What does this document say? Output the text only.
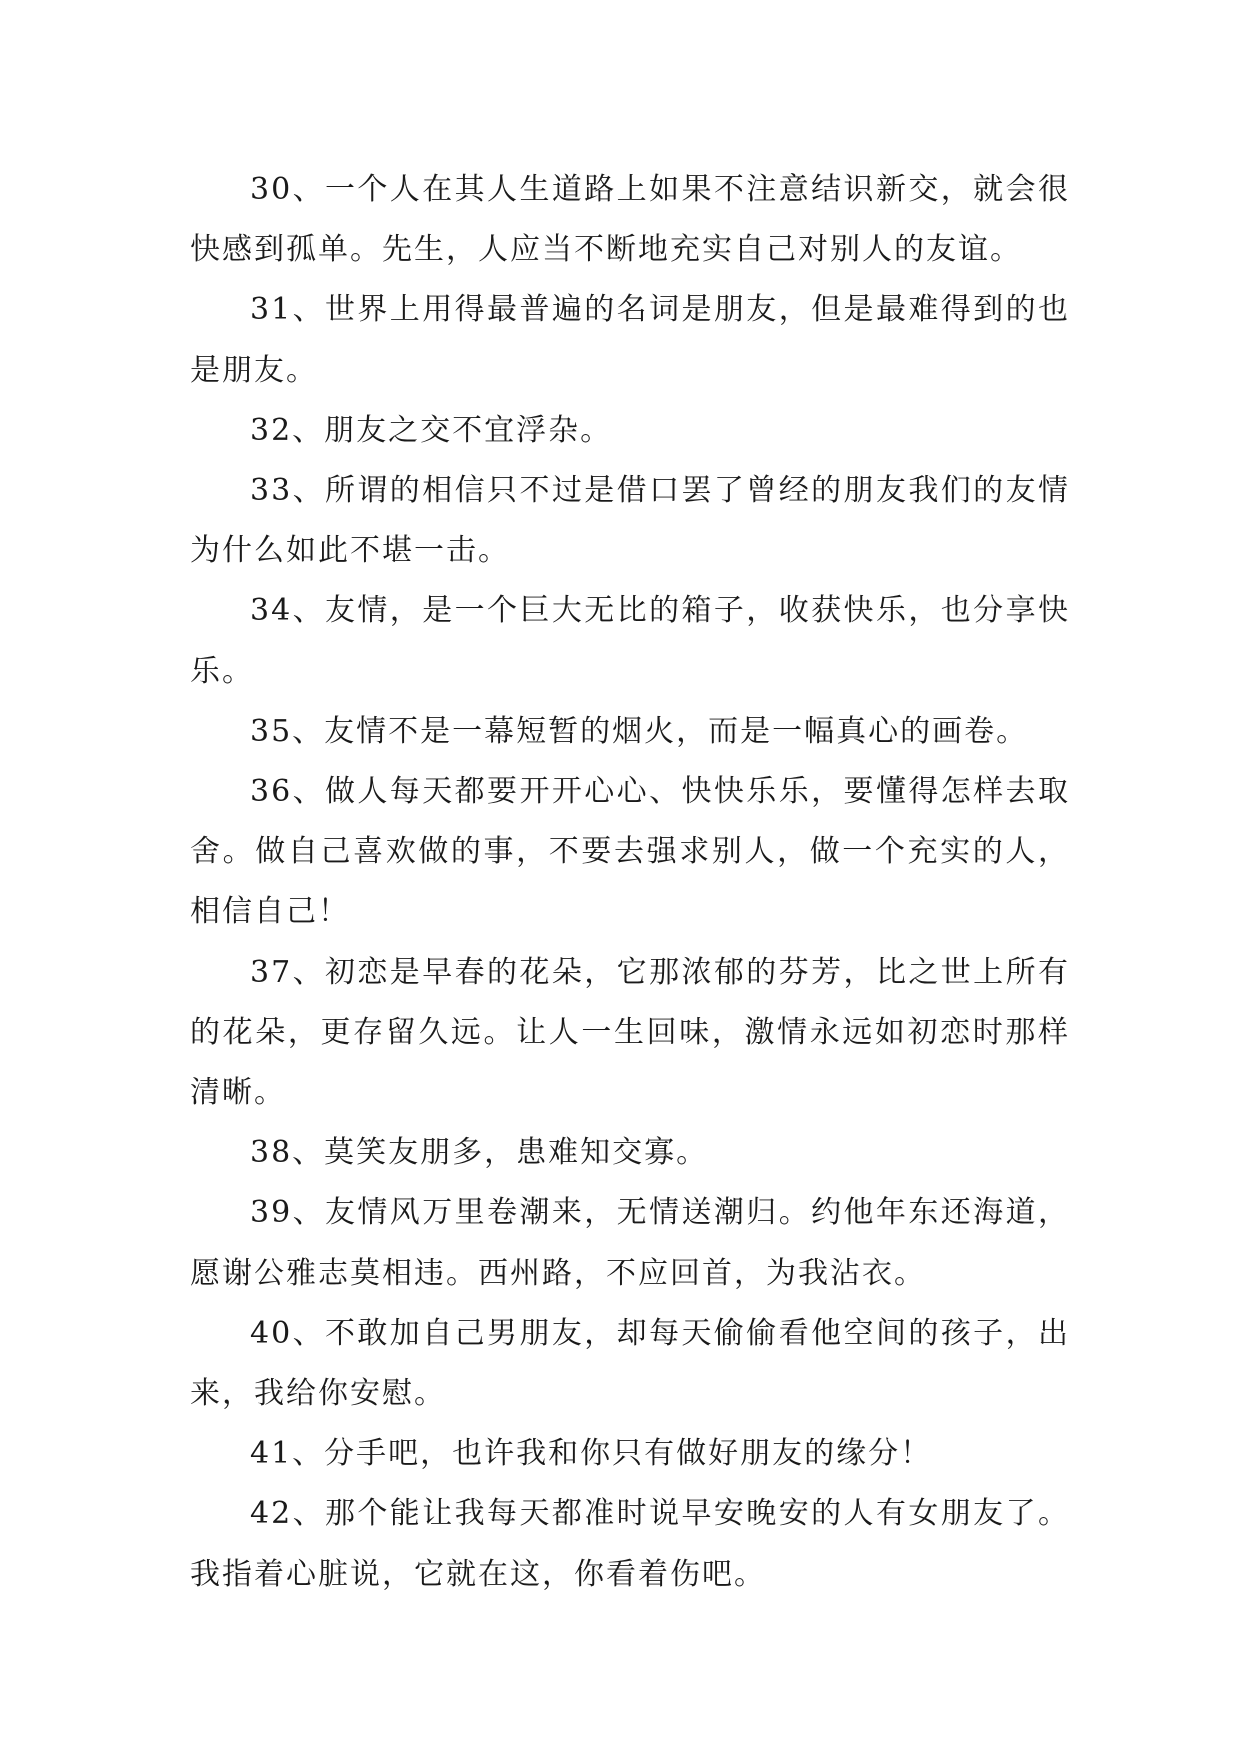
30、一个人在其人生道路上如果不注意结识新交，就会很快感到孤单。先生，人应当不断地充实自己对别人的友谊。

31、世界上用得最普遍的名词是朋友，但是最难得到的也是朋友。

32、朋友之交不宜浮杂。

33、所谓的相信只不过是借口罢了曾经的朋友我们的友情为什么如此不堪一击。

34、友情，是一个巨大无比的箱子，收获快乐，也分享快乐。

35、友情不是一幕短暂的烟火，而是一幅真心的画卷。

36、做人每天都要开开心心、快快乐乐，要懂得怎样去取舍。做自己喜欢做的事，不要去强求别人，做一个充实的人，相信自己！

37、初恋是早春的花朵，它那浓郁的芬芳，比之世上所有的花朵，更存留久远。让人一生回味，激情永远如初恋时那样清晰。

38、莫笑友朋多，患难知交寡。

39、友情风万里卷潮来，无情送潮归。约他年东还海道，愿谢公雅志莫相违。西州路，不应回首，为我沾衣。

40、不敢加自己男朋友，却每天偷偷看他空间的孩子，出来，我给你安慰。

41、分手吧，也许我和你只有做好朋友的缘分！

42、那个能让我每天都准时说早安晚安的人有女朋友了。我指着心脏说，它就在这，你看着伤吧。
